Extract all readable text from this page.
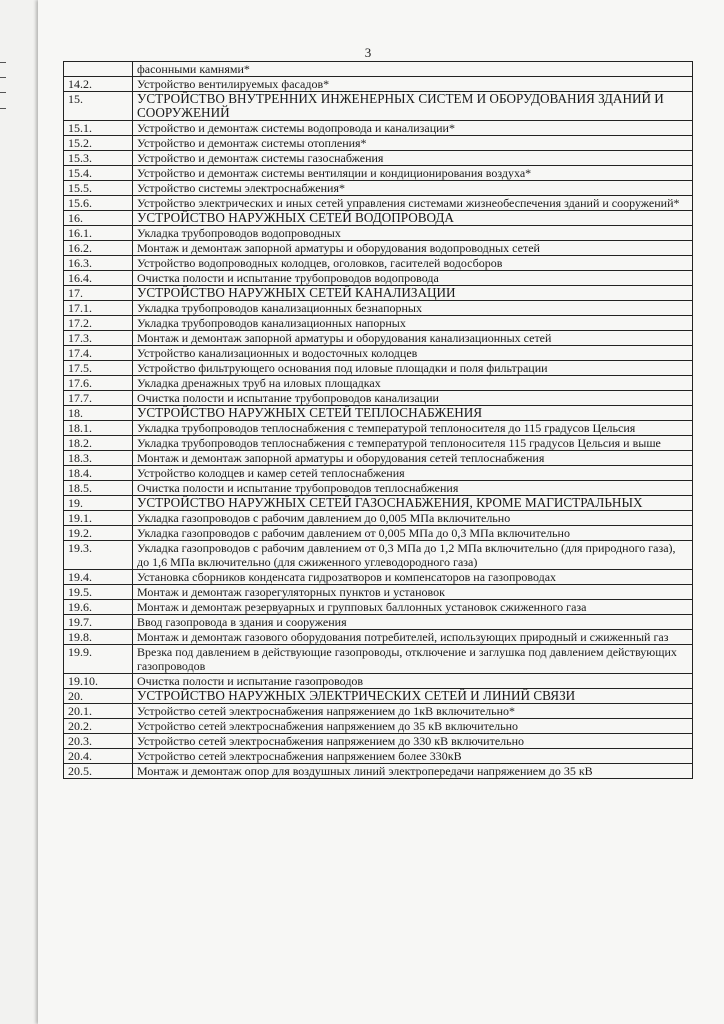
3
	фасонными камнями*
14.2.	Устройство вентилируемых фасадов*
15.	УСТРОЙСТВО ВНУТРЕННИХ ИНЖЕНЕРНЫХ СИСТЕМ И ОБОРУДОВАНИЯ ЗДАНИЙ И СООРУЖЕНИЙ
15.1.	Устройство и демонтаж системы водопровода и канализации*
15.2.	Устройство и демонтаж системы отопления*
15.3.	Устройство и демонтаж системы газоснабжения
15.4.	Устройство и демонтаж системы вентиляции и кондиционирования воздуха*
15.5.	Устройство системы электроснабжения*
15.6.	Устройство электрических и иных сетей управления системами жизнеобеспечения зданий и сооружений*
16.	УСТРОЙСТВО НАРУЖНЫХ СЕТЕЙ ВОДОПРОВОДА
16.1.	Укладка трубопроводов водопроводных
16.2.	Монтаж и демонтаж запорной арматуры и оборудования водопроводных сетей
16.3.	Устройство водопроводных колодцев, оголовков, гасителей водосборов
16.4.	Очистка полости и испытание трубопроводов водопровода
17.	УСТРОЙСТВО НАРУЖНЫХ СЕТЕЙ КАНАЛИЗАЦИИ
17.1.	Укладка трубопроводов канализационных безнапорных
17.2.	Укладка трубопроводов канализационных напорных
17.3.	Монтаж и демонтаж запорной арматуры и оборудования канализационных сетей
17.4.	Устройство канализационных и водосточных колодцев
17.5.	Устройство фильтрующего основания под иловые площадки и поля фильтрации
17.6.	Укладка дренажных труб на иловых площадках
17.7.	Очистка полости и испытание трубопроводов канализации
18.	УСТРОЙСТВО НАРУЖНЫХ СЕТЕЙ ТЕПЛОСНАБЖЕНИЯ
18.1.	Укладка трубопроводов теплоснабжения с температурой теплоносителя до 115 градусов Цельсия
18.2.	Укладка трубопроводов теплоснабжения с температурой теплоносителя 115 градусов Цельсия и выше
18.3.	Монтаж и демонтаж запорной арматуры и оборудования сетей теплоснабжения
18.4.	Устройство колодцев и камер сетей теплоснабжения
18.5.	Очистка полости и испытание трубопроводов теплоснабжения
19.	УСТРОЙСТВО НАРУЖНЫХ СЕТЕЙ ГАЗОСНАБЖЕНИЯ, КРОМЕ МАГИСТРАЛЬНЫХ
19.1.	Укладка газопроводов с рабочим давлением до 0,005 МПа включительно
19.2.	Укладка газопроводов с рабочим давлением от 0,005 МПа до 0,3 МПа включительно
19.3.	Укладка газопроводов с рабочим давлением от 0,3 МПа до 1,2 МПа включительно (для природного газа), до 1,6 МПа включительно (для сжиженного углеводородного газа)
19.4.	Установка сборников конденсата гидрозатворов и компенсаторов на газопроводах
19.5.	Монтаж и демонтаж газорегуляторных пунктов и установок
19.6.	Монтаж и демонтаж резервуарных и групповых баллонных установок сжиженного газа
19.7.	Ввод газопровода в здания и сооружения
19.8.	Монтаж и демонтаж газового оборудования потребителей, использующих природный и сжиженный газ
19.9.	Врезка под давлением в действующие газопроводы, отключение и заглушка под давлением действующих газопроводов
19.10.	Очистка полости и испытание газопроводов
20.	УСТРОЙСТВО НАРУЖНЫХ ЭЛЕКТРИЧЕСКИХ СЕТЕЙ И ЛИНИЙ СВЯЗИ
20.1.	Устройство сетей электроснабжения напряжением до 1кВ включительно*
20.2.	Устройство сетей электроснабжения напряжением до 35 кВ включительно
20.3.	Устройство сетей электроснабжения напряжением до 330 кВ включительно
20.4.	Устройство сетей электроснабжения напряжением более 330кВ
20.5.	Монтаж и демонтаж опор для воздушных линий электропередачи напряжением до 35 кВ
